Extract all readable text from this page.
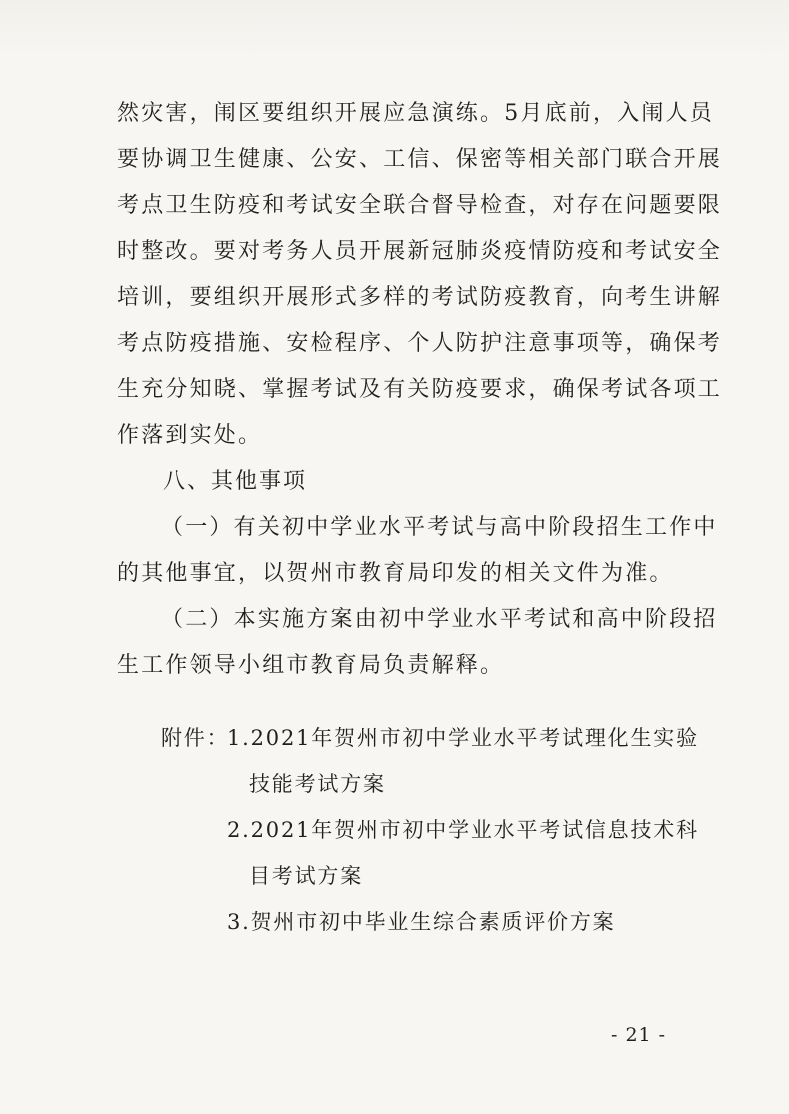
然灾害，闱区要组织开展应急演练。5月底前，入闱人员
要协调卫生健康、公安、工信、保密等相关部门联合开展
考点卫生防疫和考试安全联合督导检查，对存在问题要限
时整改。要对考务人员开展新冠肺炎疫情防疫和考试安全
培训，要组织开展形式多样的考试防疫教育，向考生讲解
考点防疫措施、安检程序、个人防护注意事项等，确保考
生充分知晓、掌握考试及有关防疫要求，确保考试各项工
作落到实处。
八、其他事项
（一）有关初中学业水平考试与高中阶段招生工作中
的其他事宜，以贺州市教育局印发的相关文件为准。
（二）本实施方案由初中学业水平考试和高中阶段招
生工作领导小组市教育局负责解释。
附件：
1.2021年贺州市初中学业水平考试理化生实验
技能考试方案
2.2021年贺州市初中学业水平考试信息技术科
目考试方案
3.贺州市初中毕业生综合素质评价方案
- 21 -
